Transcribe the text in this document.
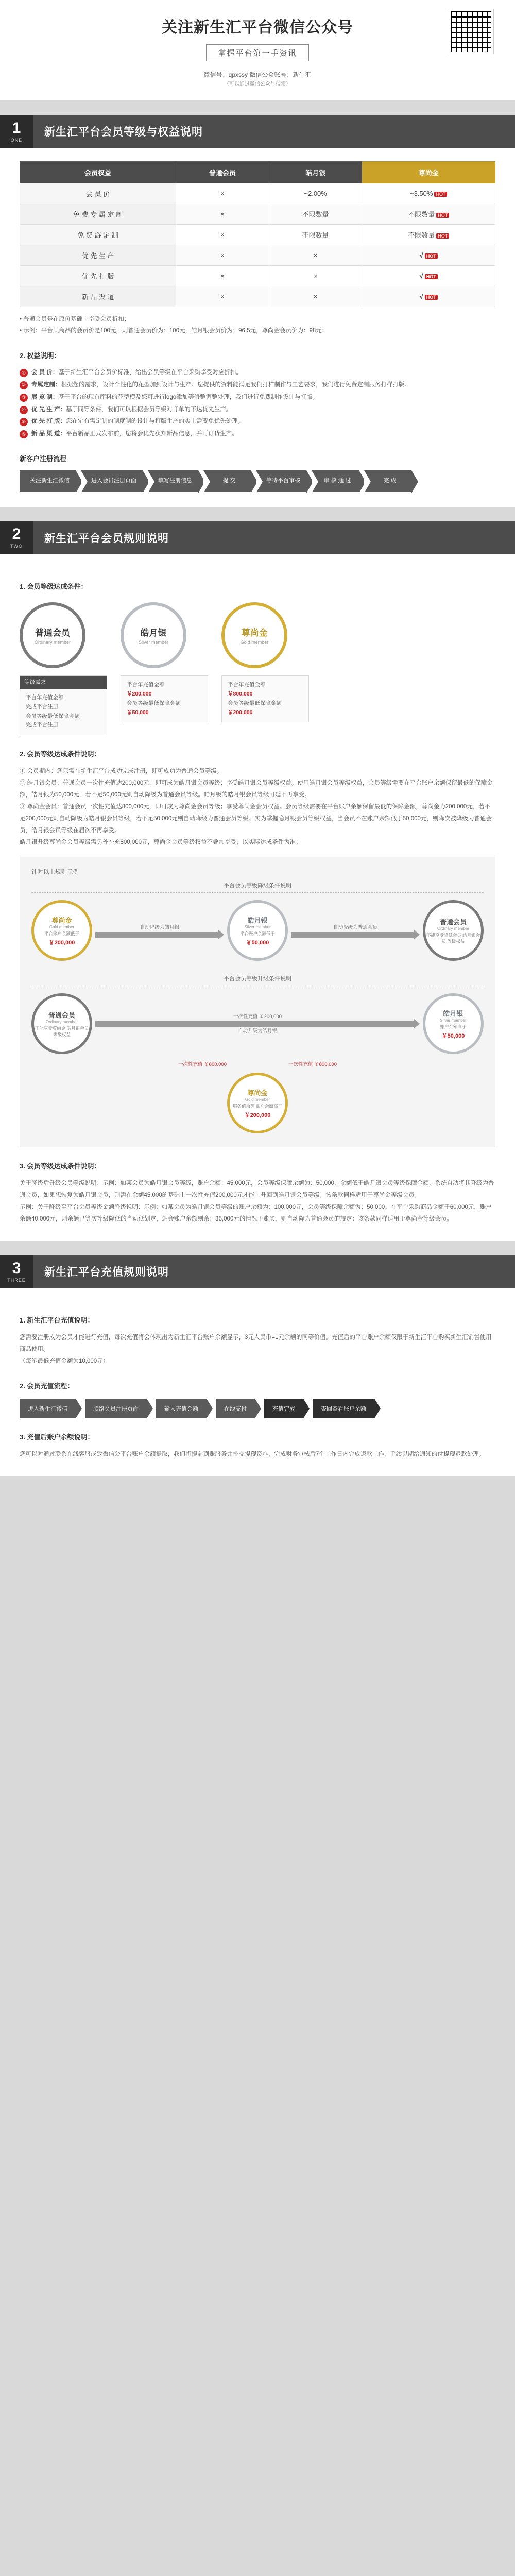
关注新生汇平台微信公众号
掌握平台第一手资讯
微信号：qpxssy 微信公众账号：新生汇
（可以通过微信公众号搜索）
1
ONE
新生汇平台会员等级与权益说明
会员权益	普通会员	皓月银	尊尚金
会 员 价	×	~2.00%	~3.50% HOT
免 费 专 属 定 制	×	不限数量	不限数量 HOT
免 费 游 定 制	×	不限数量	不限数量 HOT
优 先 生 产	×	×	√ HOT
优 先 打 版	×	×	√ HOT
新 品 渠 道	×	×	√ HOT
• 普通会员是在原价基础上享受会员折扣；
• 示例：平台某商品的会员价是100元，则普通会员价为：100元，皓月银会员价为：96.5元，尊尚金会员价为：98元；
2. 权益说明：
① 会 员 价：基于新生汇平台会员价标准，给出会员等级在平台采购享受对应折扣。
② 专属定制：根据您的需求，设计个性化的花型加到设计与生产。您提供的资料能满足我们打样制作与工艺要求，我们进行免费定制服务打样打版。
③ 展 览 制：基于平台的现有库料的花型模及您可进行logo添加等修整调整处理，我们进行免费制作设计与打版。
④ 优 先 生 产：基于同等条件，我们可以根据会员等级对订单的下达优先生产。
⑤ 优 先 打 版：您在定有需定制的制度制的设计与打版生产的实上需要免优先处理。
⑥ 新 品 渠 道：平台新品正式发布前，您将会优先获知新品信息，并可订货生产。
新客户注册流程
关注新生汇微信	进入会员注册页面	填写注册信息	提 交	等待平台审核	审 核 通 过	完 成
2
TWO
新生汇平台会员规则说明
1. 会员等级达成条件：
普通会员
Ordinary member
等级需求
平台年充值金额
完成平台注册
会员等级最低保障金额
完成平台注册
皓月银
Silver member
平台年充值金额
￥200,000
会员等级最低保障金额
￥50,000
尊尚金
Gold member
平台年充值金额
￥800,000
会员等级最低保障金额
￥200,000
2. 会员等级达成条件说明：
① 会员期内：您只需在新生汇平台成功完成注册，即可成功为普通会员等级。
② 皓月银会员：普通会员一次性充值达200,000元，即可成为皓月银会员等级；享受皓月银会员等级权益。使用皓月银会员等级权益，会员等级需要在平台账户余额保留最低的保障金额，皓月银为50,000元，若不足50,000元则自动降级为普通会员等级。皓月级的皓月银会员等级可延不再享受。
③ 尊尚金会员：普通会员一次性充值达800,000元，即可成为尊尚金会员等级；享受尊尚金会员权益。会员等级需要在平台账户余额保留最低的保障金额，尊尚金为200,000元，若不足200,000元则自动降级为皓月银会员等级，若不足50,000元则自动降级为普通会员等级。实为掌握隐月银会员等级权益，当会员不在账户余额低于50,000元，则降次被降级为普通会员，皓月银会员等级在届次不再享受。
皓月银升级尊尚金会员等级需另外补充800,000元，尊尚金会员等级权益不叠加享受，以实际达成条件为准；
针对以上规则示例
平台会员等级降级条件说明
尊尚金
Gold member
平台账户余额低于
￥200,000
自动降级为皓月银
皓月银
Silver member
平台账户余额低于
￥50,000
自动降级为普通会员
普通会员
Ordinary member
不能享受降低会员 皓月银会员 等级权益
平台会员等级升级条件说明
普通会员
Ordinary member
不能享受尊尚金 皓月银会员 等级权益
一次性充值 ￥200,000
自动升级为皓月银
皓月银
Silver member
账户余额高于
￥50,000
一次性充值 ￥800,000	一次性充值 ￥800,000
尊尚金
Gold member
服务值余额 账户余额高于
￥200,000
3. 会员等级达成条件说明：
关于降级后升级会员等级说明：示例：如某会员为皓月银会员等级，账户余额：45,000元，会员等级保障余额为：50,000，余额低于皓月银会员等级保障金额，系统自动将其降级为普通会员，如果想恢复为皓月银会员，则需在余额45,000的基础上一次性充值200,000元才能上升回到皓月银会员等级；该条款同样适用于尊尚金等级会员；
示例：关于降级至平台会员等级金额降级说明：示例：如某会员为皓月银会员等级的账户余额为：100,000元，会员等级保障余额为：50,000。在平台采购商品金额于60,000元，账户余额40,000元，则余额已等次等级降低的自动低划定，站会账户余额则余：35,000元的情况下账买，则自动降为普通会员的规定；该条款同样适用于尊尚金等级会员。
3
THREE
新生汇平台充值规则说明
1. 新生汇平台充值说明：
您需要注册成为会员才能进行充值，每次充值将会体现出为新生汇平台账户余额显示，3元人民币=1元余额的同等价值。充值后的平台账户余额仅限于新生汇平台购买新生汇销售使用商品使用。
（每笔最低充值金额为10,000元）
2. 会员充值流程：
进入新生汇微信	联络会员注册页面	输入充值金额	在线支付	充值完成	查回查看账户余额
3. 充值后账户余额说明：
您可以对通过联系在线客服或致微信公平台账户余额提取，我们将提前到账服务并排交提现资料，完成财务审核后7个工作日内完成退款工作，手续以期给通知的付提现退款处理。
